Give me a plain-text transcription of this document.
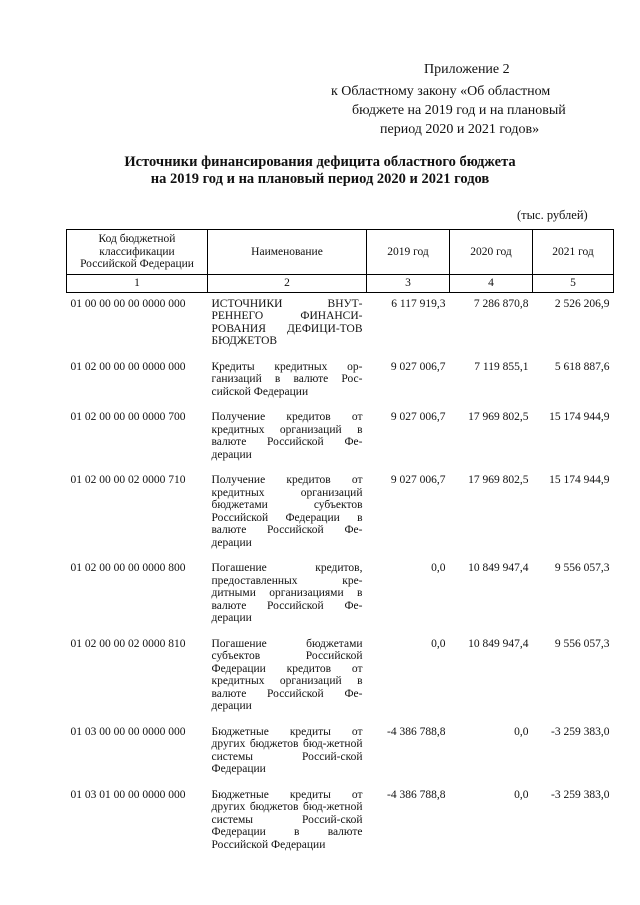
Приложение 2
к Областному закону «Об областном
бюджете на 2019 год и на плановый
период 2020 и 2021 годов»
Источники финансирования дефицита областного бюджета
на 2019 год и на плановый период 2020 и 2021 годов
(тыс. рублей)
Код бюджетной классификации Российской Федерации	Наименование	2019 год	2020 год	2021 год
1	2	3	4	5
01 00 00 00 00 0000 000	ИСТОЧНИКИ ВНУТ-РЕННЕГО ФИНАНСИ-РОВАНИЯ ДЕФИЦИ-ТОВ БЮДЖЕТОВ	6 117 919,3	7 286 870,8	2 526 206,9
01 02 00 00 00 0000 000	Кредиты кредитных ор-ганизаций в валюте Рос-сийской Федерации	9 027 006,7	7 119 855,1	5 618 887,6
01 02 00 00 00 0000 700	Получение кредитов от кредитных организаций в валюте Российской Фе-дерации	9 027 006,7	17 969 802,5	15 174 944,9
01 02 00 00 02 0000 710	Получение кредитов от кредитных организаций бюджетами субъектов Российской Федерации в валюте Российской Фе-дерации	9 027 006,7	17 969 802,5	15 174 944,9
01 02 00 00 00 0000 800	Погашение кредитов, предоставленных кре-дитными организациями в валюте Российской Фе-дерации	0,0	10 849 947,4	9 556 057,3
01 02 00 00 02 0000 810	Погашение бюджетами субъектов Российской Федерации кредитов от кредитных организаций в валюте Российской Фе-дерации	0,0	10 849 947,4	9 556 057,3
01 03 00 00 00 0000 000	Бюджетные кредиты от других бюджетов бюд-жетной системы Россий-ской Федерации	-4 386 788,8	0,0	-3 259 383,0
01 03 01 00 00 0000 000	Бюджетные кредиты от других бюджетов бюд-жетной системы Россий-ской Федерации в валюте Российской Федерации	-4 386 788,8	0,0	-3 259 383,0
